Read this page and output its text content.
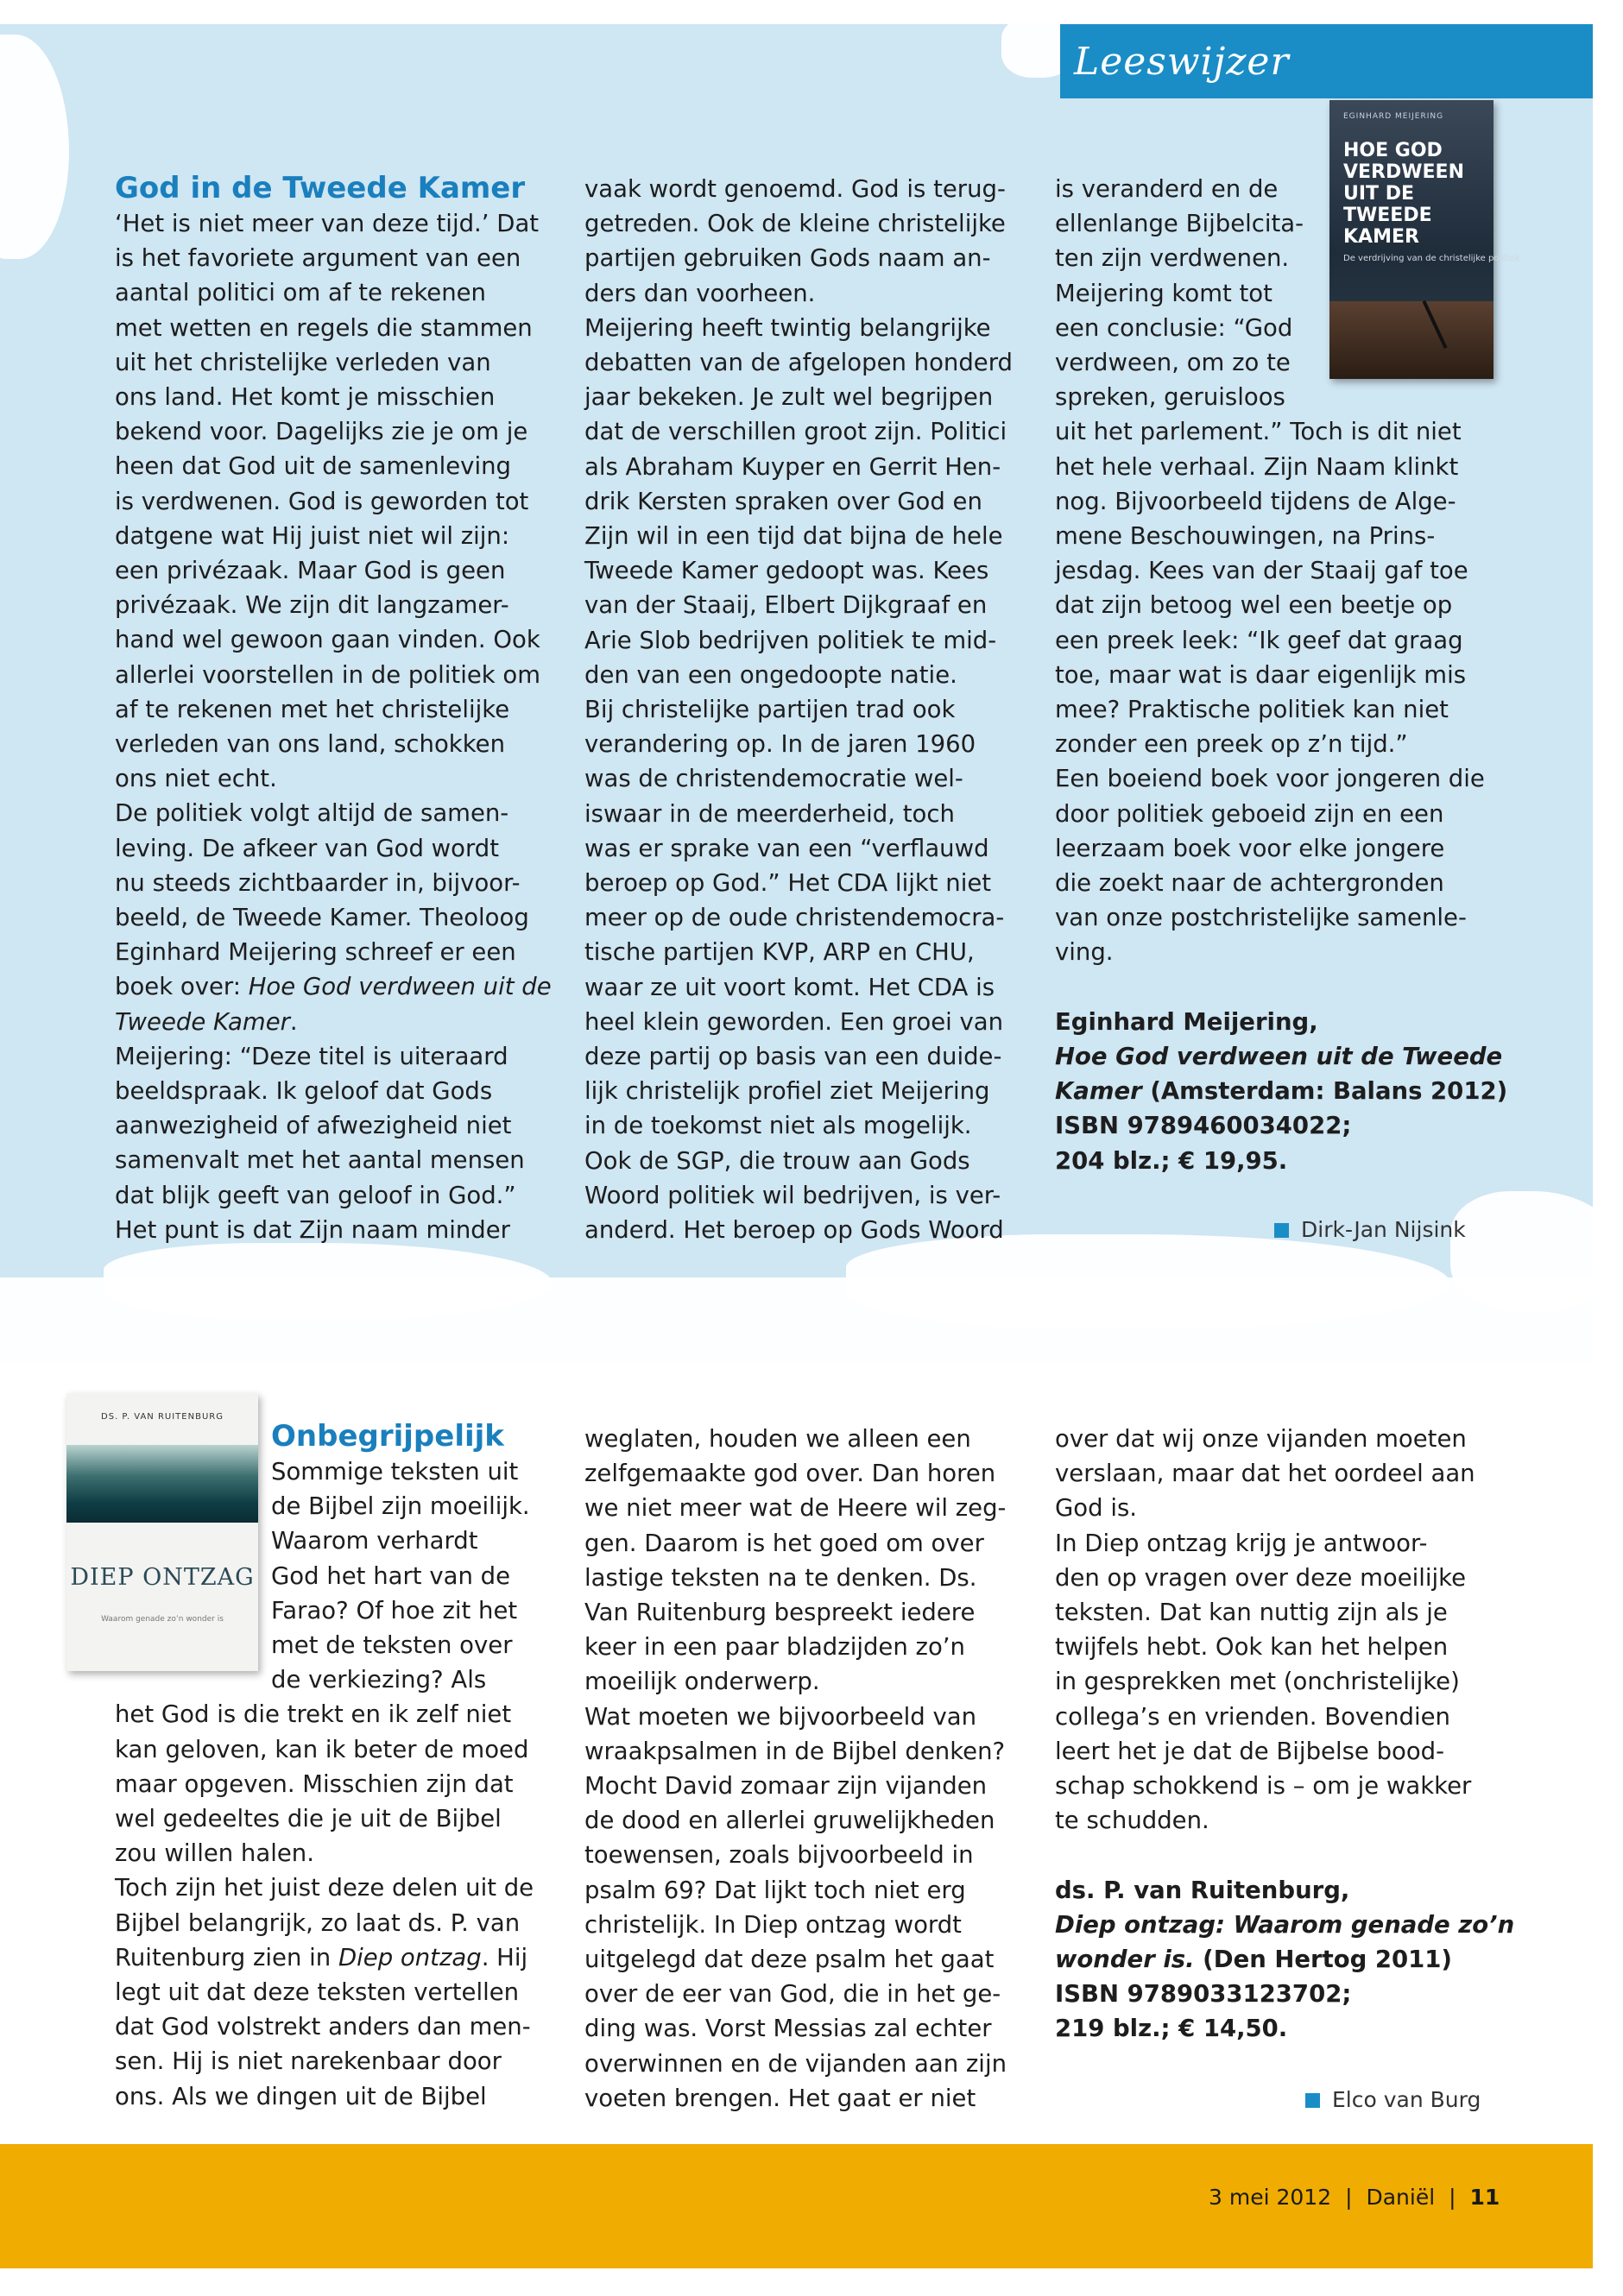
Leeswijzer
God in de Tweede Kamer
‘Het is niet meer van deze tijd.’ Dat
is het favoriete argument van een
aantal politici om af te rekenen
met wetten en regels die stammen
uit het christelijke verleden van
ons land. Het komt je misschien
bekend voor. Dagelijks zie je om je
heen dat God uit de samenleving
is verdwenen. God is geworden tot
datgene wat Hij juist niet wil zijn:
een privézaak. Maar God is geen
privézaak. We zijn dit langzamer-
hand wel gewoon gaan vinden. Ook
allerlei voorstellen in de politiek om
af te rekenen met het christelijke
verleden van ons land, schokken
ons niet echt.
De politiek volgt altijd de samen-
leving. De afkeer van God wordt
nu steeds zichtbaarder in, bijvoor-
beeld, de Tweede Kamer. Theoloog
Eginhard Meijering schreef er een
boek over: Hoe God verdween uit de
Tweede Kamer.
Meijering: “Deze titel is uiteraard
beeldspraak. Ik geloof dat Gods
aanwezigheid of afwezigheid niet
samenvalt met het aantal mensen
dat blijk geeft van geloof in God.”
Het punt is dat Zijn naam minder
vaak wordt genoemd. God is terug-
getreden. Ook de kleine christelijke
partijen gebruiken Gods naam an-
ders dan voorheen.
Meijering heeft twintig belangrijke
debatten van de afgelopen honderd
jaar bekeken. Je zult wel begrijpen
dat de verschillen groot zijn. Politici
als Abraham Kuyper en Gerrit Hen-
drik Kersten spraken over God en
Zijn wil in een tijd dat bijna de hele
Tweede Kamer gedoopt was. Kees
van der Staaij, Elbert Dijkgraaf en
Arie Slob bedrijven politiek te mid-
den van een ongedoopte natie.
Bij christelijke partijen trad ook
verandering op. In de jaren 1960
was de christendemocratie wel-
iswaar in de meerderheid, toch
was er sprake van een “verflauwd
beroep op God.” Het CDA lijkt niet
meer op de oude christendemocra-
tische partijen KVP, ARP en CHU,
waar ze uit voort komt. Het CDA is
heel klein geworden. Een groei van
deze partij op basis van een duide-
lijk christelijk profiel ziet Meijering
in de toekomst niet als mogelijk.
Ook de SGP, die trouw aan Gods
Woord politiek wil bedrijven, is ver-
anderd. Het beroep op Gods Woord
is veranderd en de
ellenlange Bijbelcita-
ten zijn verdwenen.
Meijering komt tot
een conclusie: “God
verdween, om zo te
spreken, geruisloos
uit het parlement.” Toch is dit niet
het hele verhaal. Zijn Naam klinkt
nog. Bijvoorbeeld tijdens de Alge-
mene Beschouwingen, na Prins-
jesdag. Kees van der Staaij gaf toe
dat zijn betoog wel een beetje op
een preek leek: “Ik geef dat graag
toe, maar wat is daar eigenlijk mis
mee? Praktische politiek kan niet
zonder een preek op z’n tijd.”
Een boeiend boek voor jongeren die
door politiek geboeid zijn en een
leerzaam boek voor elke jongere
die zoekt naar de achtergronden
van onze postchristelijke samenle-
ving.

Eginhard Meijering,
Hoe God verdween uit de Tweede
Kamer (Amsterdam: Balans 2012)
ISBN 9789460034022;
204 blz.; € 19,95.
Dirk-Jan Nijsink
EGINHARD MEIJERING
HOE GOD VERDWEEN UIT DE TWEEDE KAMER
De verdrijving van de christelijke politiek
DS. P. VAN RUITENBURG
DIEP ONTZAG
Waarom genade zo’n wonder is
Onbegrijpelijk
Sommige teksten uit
de Bijbel zijn moeilijk.
Waarom verhardt
God het hart van de
Farao? Of hoe zit het
met de teksten over
de verkiezing? Als
het God is die trekt en ik zelf niet
kan geloven, kan ik beter de moed
maar opgeven. Misschien zijn dat
wel gedeeltes die je uit de Bijbel
zou willen halen.
Toch zijn het juist deze delen uit de
Bijbel belangrijk, zo laat ds. P. van
Ruitenburg zien in Diep ontzag. Hij
legt uit dat deze teksten vertellen
dat God volstrekt anders dan men-
sen. Hij is niet narekenbaar door
ons. Als we dingen uit de Bijbel
weglaten, houden we alleen een
zelfgemaakte god over. Dan horen
we niet meer wat de Heere wil zeg-
gen. Daarom is het goed om over
lastige teksten na te denken. Ds.
Van Ruitenburg bespreekt iedere
keer in een paar bladzijden zo’n
moeilijk onderwerp.
Wat moeten we bijvoorbeeld van
wraakpsalmen in de Bijbel denken?
Mocht David zomaar zijn vijanden
de dood en allerlei gruwelijkheden
toewensen, zoals bijvoorbeeld in
psalm 69? Dat lijkt toch niet erg
christelijk. In Diep ontzag wordt
uitgelegd dat deze psalm het gaat
over de eer van God, die in het ge-
ding was. Vorst Messias zal echter
overwinnen en de vijanden aan zijn
voeten brengen. Het gaat er niet
over dat wij onze vijanden moeten
verslaan, maar dat het oordeel aan
God is.
In Diep ontzag krijg je antwoor-
den op vragen over deze moeilijke
teksten. Dat kan nuttig zijn als je
twijfels hebt. Ook kan het helpen
in gesprekken met (onchristelijke)
collega’s en vrienden. Bovendien
leert het je dat de Bijbelse bood-
schap schokkend is – om je wakker
te schudden.

ds. P. van Ruitenburg,
Diep ontzag: Waarom genade zo’n
wonder is. (Den Hertog 2011)
ISBN 9789033123702;
219 blz.; € 14,50.
Elco van Burg
3 mei 2012 | Daniël | 11
